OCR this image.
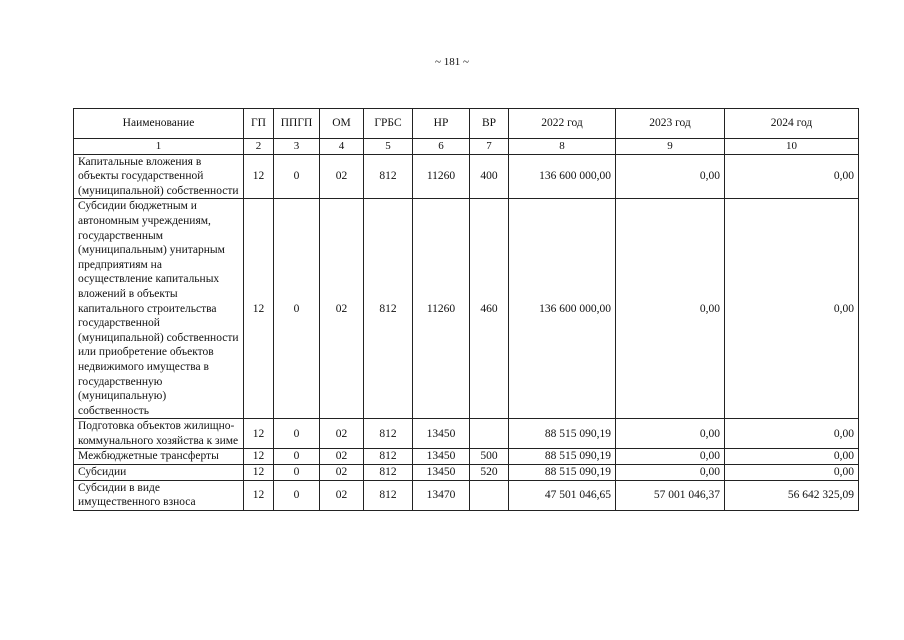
~ 181 ~
Наименование	ГП	ППГП	ОМ	ГРБС	НР	ВР	2022 год	2023 год	2024 год
1	2	3	4	5	6	7	8	9	10
Капитальные вложения в объекты государственной (муниципальной) собственности	12	0	02	812	11260	400	136 600 000,00	0,00	0,00
Субсидии бюджетным и автономным учреждениям, государственным (муниципальным) унитарным предприятиям на осуществление капитальных вложений в объекты капитального строительства государственной (муниципальной) собственности или приобретение объектов недвижимого имущества в государственную (муниципальную) собственность	12	0	02	812	11260	460	136 600 000,00	0,00	0,00
Подготовка объектов жилищно-коммунального хозяйства к зиме	12	0	02	812	13450		88 515 090,19	0,00	0,00
Межбюджетные трансферты	12	0	02	812	13450	500	88 515 090,19	0,00	0,00
Субсидии	12	0	02	812	13450	520	88 515 090,19	0,00	0,00
Субсидии в виде имущественного взноса	12	0	02	812	13470		47 501 046,65	57 001 046,37	56 642 325,09
